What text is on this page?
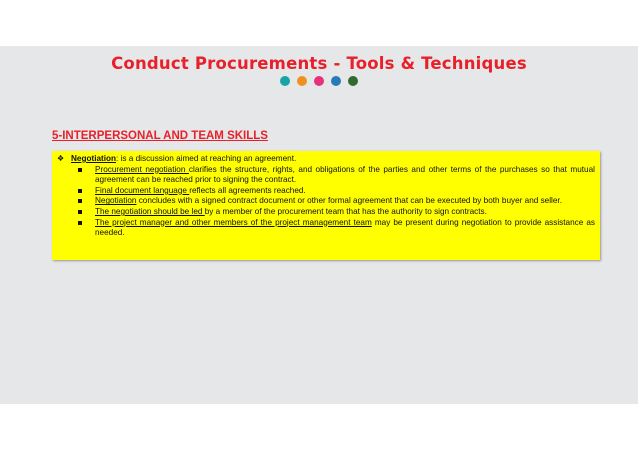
Conduct Procurements - Tools & Techniques
5-INTERPERSONAL AND TEAM SKILLS
❖ Negotiation: is a discussion aimed at reaching an agreement.
Procurement negotiation clarifies the structure, rights, and obligations of the parties and other terms of the purchases so that mutual agreement can be reached prior to signing the contract.
Final document language reflects all agreements reached.
Negotiation concludes with a signed contract document or other formal agreement that can be executed by both buyer and seller.
The negotiation should be led by a member of the procurement team that has the authority to sign contracts.
The project manager and other members of the project management team may be present during negotiation to provide assistance as needed.
